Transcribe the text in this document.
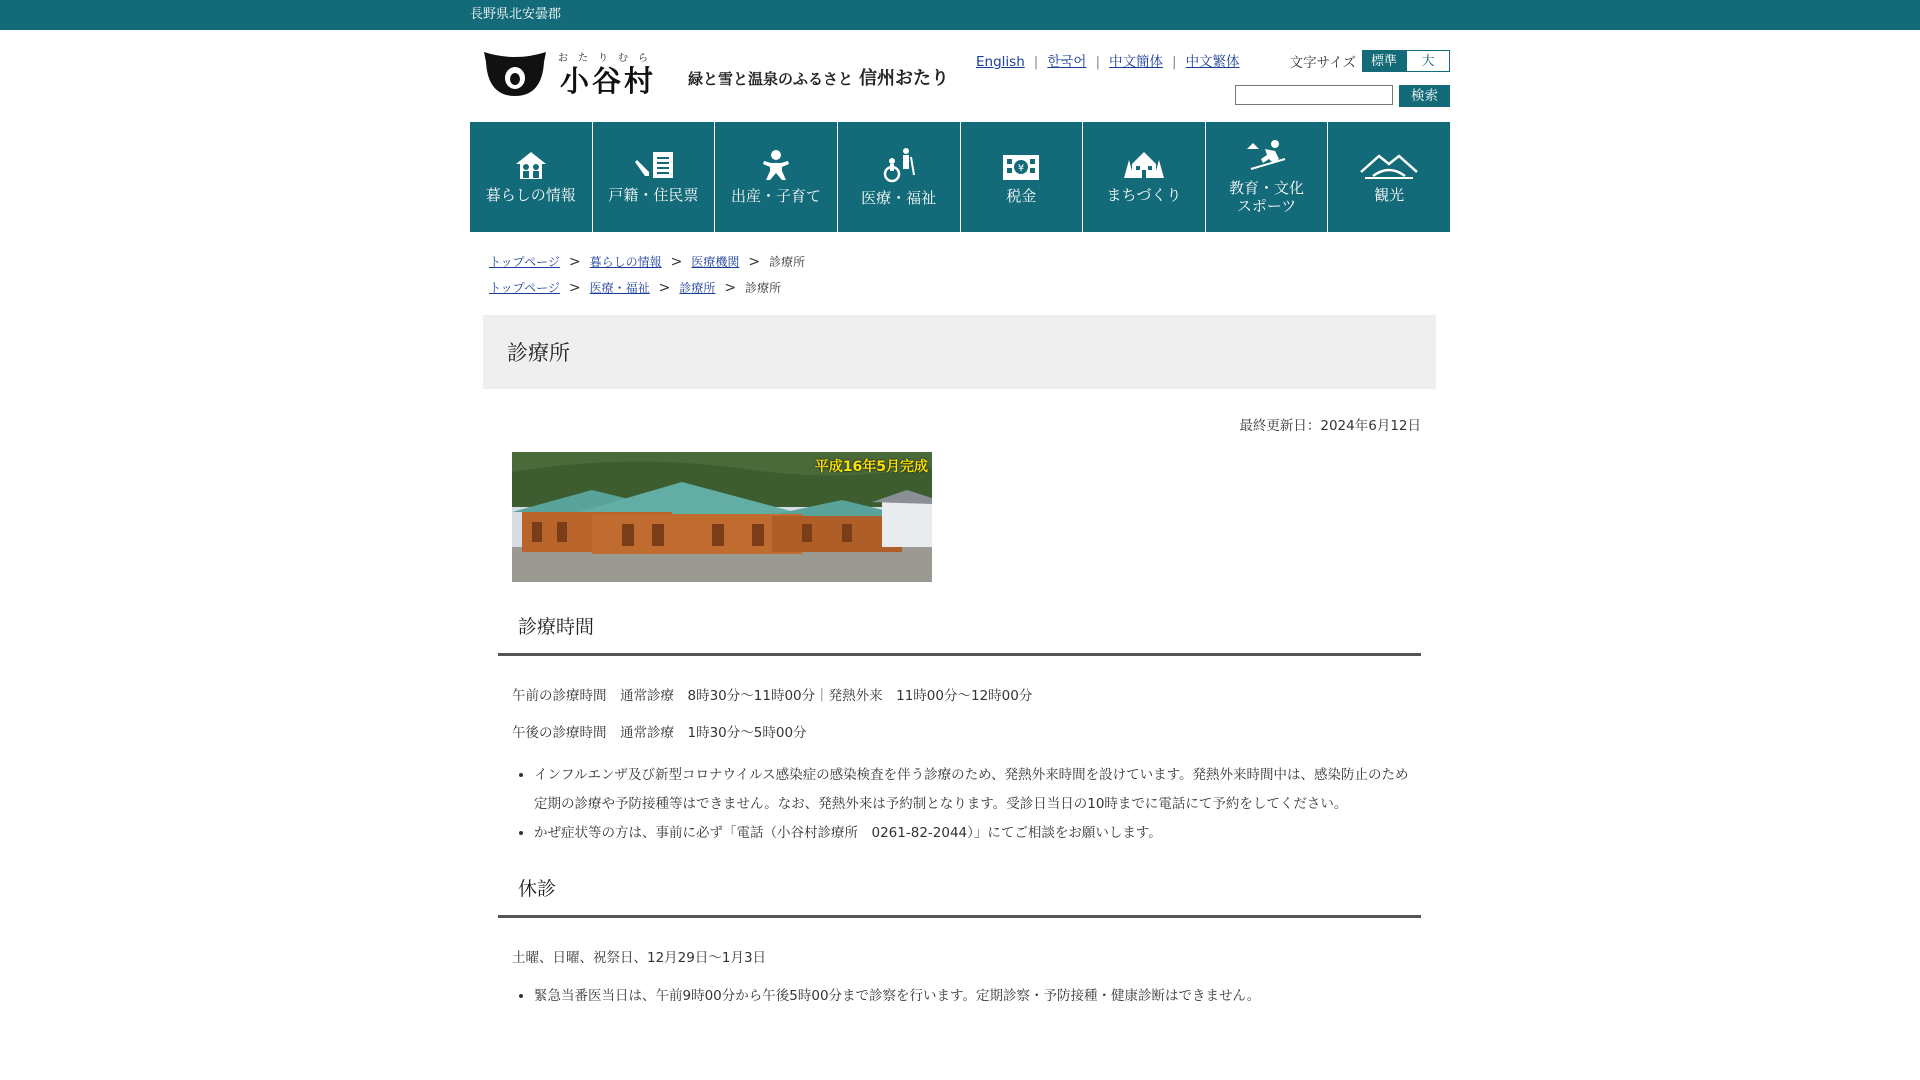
長野県北安曇郡
おたりむら
小谷村 緑と雪と温泉のふるさと 信州おたり
English | 한국어 | 中文簡体 | 中文繁体	文字サイズ	標準	大
検索
暮らしの情報 戸籍・住民票 出産・子育て	医療・福祉
¥
税金	まちづくり	教育・文化
スポーツ
観光
トップページ > 暮らしの情報 > 医療機関 > 診療所
トップページ > 医療・福祉 > 診療所 > 診療所
診療所
最終更新日：2024年6月12日
平成16年5月完成
診療時間
午前の診療時間　通常診療　8時30分～11時00分｜発熱外来　11時00分～12時00分
午後の診療時間　通常診療　1時30分～5時00分
• インフルエンザ及び新型コロナウイルス感染症の感染検査を伴う診療のため、発熱外来時間を設けています。発熱外来時間中は、感染防止のため定期の診療や予防接種等はできません。なお、発熱外来は予約制となります。受診日当日の10時までに電話にて予約をしてください。
• かぜ症状等の方は、事前に必ず「電話（小谷村診療所　0261-82-2044）」にてご相談をお願いします。
休診
土曜、日曜、祝祭日、12月29日～1月3日
• 緊急当番医当日は、午前9時00分から午後5時00分まで診察を行います。定期診察・予防接種・健康診断はできません。
